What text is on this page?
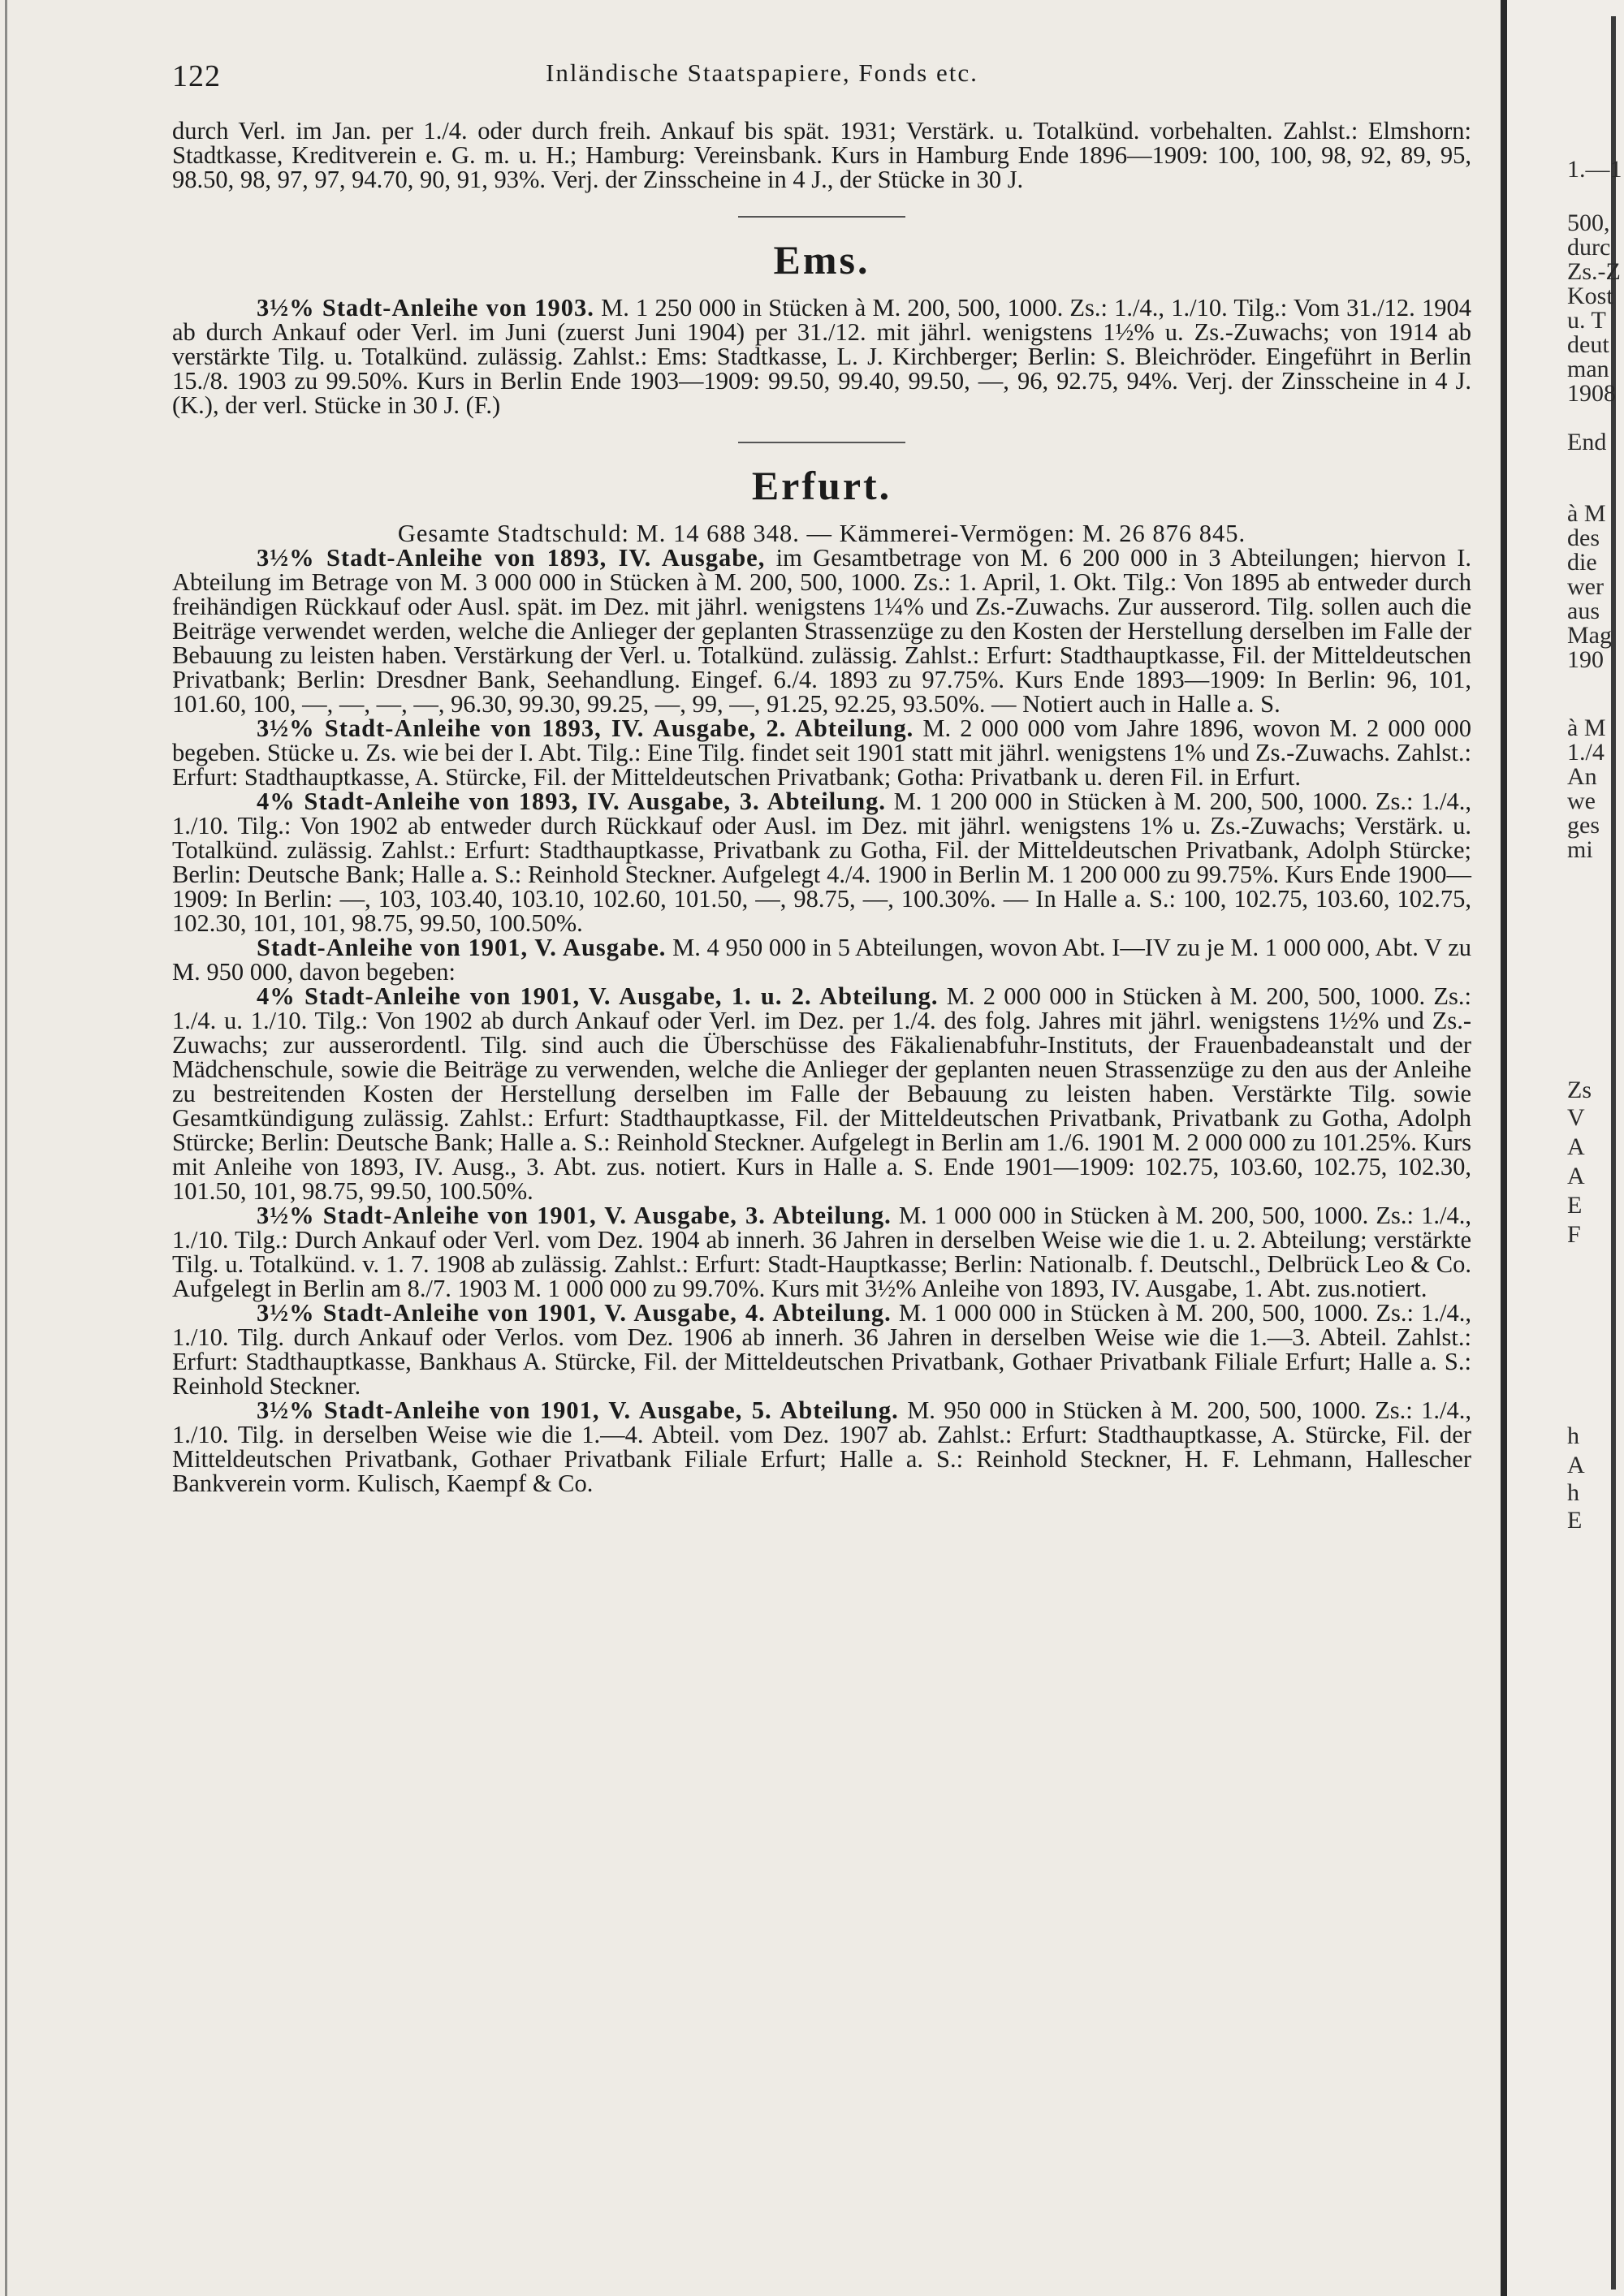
122	Inländische Staatspapiere, Fonds etc.

durch Verl. im Jan. per 1./4. oder durch freih. Ankauf bis spät. 1931; Verstärk. u. Totalkünd. vorbehalten. Zahlst.: Elmshorn: Stadtkasse, Kreditverein e. G. m. u. H.; Hamburg: Vereinsbank. Kurs in Hamburg Ende 1896—1909: 100, 100, 98, 92, 89, 95, 98.50, 98, 97, 97, 94.70, 90, 91, 93%. Verj. der Zinsscheine in 4 J., der Stücke in 30 J.

Ems.

3½% Stadt-Anleihe von 1903. M. 1 250 000 in Stücken à M. 200, 500, 1000. Zs.: 1./4., 1./10. Tilg.: Vom 31./12. 1904 ab durch Ankauf oder Verl. im Juni (zuerst Juni 1904) per 31./12. mit jährl. wenigstens 1½% u. Zs.-Zuwachs; von 1914 ab verstärkte Tilg. u. Totalkünd. zulässig. Zahlst.: Ems: Stadtkasse, L. J. Kirchberger; Berlin: S. Bleichröder. Eingeführt in Berlin 15./8. 1903 zu 99.50%. Kurs in Berlin Ende 1903—1909: 99.50, 99.40, 99.50, —, 96, 92.75, 94%. Verj. der Zinsscheine in 4 J. (K.), der verl. Stücke in 30 J. (F.)

Erfurt.

Gesamte Stadtschuld: M. 14 688 348. — Kämmerei-Vermögen: M. 26 876 845.

3½% Stadt-Anleihe von 1893, IV. Ausgabe, im Gesamtbetrage von M. 6 200 000 in 3 Abteilungen; hiervon I. Abteilung im Betrage von M. 3 000 000 in Stücken à M. 200, 500, 1000. Zs.: 1. April, 1. Okt. Tilg.: Von 1895 ab entweder durch freihändigen Rückkauf oder Ausl. spät. im Dez. mit jährl. wenigstens 1¼% und Zs.-Zuwachs. Zur ausserord. Tilg. sollen auch die Beiträge verwendet werden, welche die Anlieger der geplanten Strassenzüge zu den Kosten der Herstellung derselben im Falle der Bebauung zu leisten haben. Verstärkung der Verl. u. Totalkünd. zulässig. Zahlst.: Erfurt: Stadthauptkasse, Fil. der Mitteldeutschen Privatbank; Berlin: Dresdner Bank, Seehandlung. Eingef. 6./4. 1893 zu 97.75%. Kurs Ende 1893—1909: In Berlin: 96, 101, 101.60, 100, —, —, —, —, 96.30, 99.30, 99.25, —, 99, —, 91.25, 92.25, 93.50%. — Notiert auch in Halle a. S.

3½% Stadt-Anleihe von 1893, IV. Ausgabe, 2. Abteilung. M. 2 000 000 vom Jahre 1896, wovon M. 2 000 000 begeben. Stücke u. Zs. wie bei der I. Abt. Tilg.: Eine Tilg. findet seit 1901 statt mit jährl. wenigstens 1% und Zs.-Zuwachs. Zahlst.: Erfurt: Stadthauptkasse, A. Stürcke, Fil. der Mitteldeutschen Privatbank; Gotha: Privatbank u. deren Fil. in Erfurt.

4% Stadt-Anleihe von 1893, IV. Ausgabe, 3. Abteilung. M. 1 200 000 in Stücken à M. 200, 500, 1000. Zs.: 1./4., 1./10. Tilg.: Von 1902 ab entweder durch Rückkauf oder Ausl. im Dez. mit jährl. wenigstens 1% u. Zs.-Zuwachs; Verstärk. u. Totalkünd. zulässig. Zahlst.: Erfurt: Stadthauptkasse, Privatbank zu Gotha, Fil. der Mitteldeutschen Privatbank, Adolph Stürcke; Berlin: Deutsche Bank; Halle a. S.: Reinhold Steckner. Aufgelegt 4./4. 1900 in Berlin M. 1 200 000 zu 99.75%. Kurs Ende 1900—1909: In Berlin: —, 103, 103.40, 103.10, 102.60, 101.50, —, 98.75, —, 100.30%. — In Halle a. S.: 100, 102.75, 103.60, 102.75, 102.30, 101, 101, 98.75, 99.50, 100.50%.

Stadt-Anleihe von 1901, V. Ausgabe. M. 4 950 000 in 5 Abteilungen, wovon Abt. I—IV zu je M. 1 000 000, Abt. V zu M. 950 000, davon begeben:

4% Stadt-Anleihe von 1901, V. Ausgabe, 1. u. 2. Abteilung. M. 2 000 000 in Stücken à M. 200, 500, 1000. Zs.: 1./4. u. 1./10. Tilg.: Von 1902 ab durch Ankauf oder Verl. im Dez. per 1./4. des folg. Jahres mit jährl. wenigstens 1½% und Zs.-Zuwachs; zur ausserordentl. Tilg. sind auch die Überschüsse des Fäkalienabfuhr-Instituts, der Frauenbadeanstalt und der Mädchenschule, sowie die Beiträge zu verwenden, welche die Anlieger der geplanten neuen Strassenzüge zu den aus der Anleihe zu bestreitenden Kosten der Herstellung derselben im Falle der Bebauung zu leisten haben. Verstärkte Tilg. sowie Gesamtkündigung zulässig. Zahlst.: Erfurt: Stadthauptkasse, Fil. der Mitteldeutschen Privatbank, Privatbank zu Gotha, Adolph Stürcke; Berlin: Deutsche Bank; Halle a. S.: Reinhold Steckner. Aufgelegt in Berlin am 1./6. 1901 M. 2 000 000 zu 101.25%. Kurs mit Anleihe von 1893, IV. Ausg., 3. Abt. zus. notiert. Kurs in Halle a. S. Ende 1901—1909: 102.75, 103.60, 102.75, 102.30, 101.50, 101, 98.75, 99.50, 100.50%.

3½% Stadt-Anleihe von 1901, V. Ausgabe, 3. Abteilung. M. 1 000 000 in Stücken à M. 200, 500, 1000. Zs.: 1./4., 1./10. Tilg.: Durch Ankauf oder Verl. vom Dez. 1904 ab innerh. 36 Jahren in derselben Weise wie die 1. u. 2. Abteilung; verstärkte Tilg. u. Totalkünd. v. 1. 7. 1908 ab zulässig. Zahlst.: Erfurt: Stadt-Hauptkasse; Berlin: Nationalb. f. Deutschl., Delbrück Leo & Co. Aufgelegt in Berlin am 8./7. 1903 M. 1 000 000 zu 99.70%. Kurs mit 3½% Anleihe von 1893, IV. Ausgabe, 1. Abt. zus.notiert.

3½% Stadt-Anleihe von 1901, V. Ausgabe, 4. Abteilung. M. 1 000 000 in Stücken à M. 200, 500, 1000. Zs.: 1./4., 1./10. Tilg. durch Ankauf oder Verlos. vom Dez. 1906 ab innerh. 36 Jahren in derselben Weise wie die 1.—3. Abteil. Zahlst.: Erfurt: Stadthauptkasse, Bankhaus A. Stürcke, Fil. der Mitteldeutschen Privatbank, Gothaer Privatbank Filiale Erfurt; Halle a. S.: Reinhold Steckner.

3½% Stadt-Anleihe von 1901, V. Ausgabe, 5. Abteilung. M. 950 000 in Stücken à M. 200, 500, 1000. Zs.: 1./4., 1./10. Tilg. in derselben Weise wie die 1.—4. Abteil. vom Dez. 1907 ab. Zahlst.: Erfurt: Stadthauptkasse, A. Stürcke, Fil. der Mitteldeutschen Privatbank, Gothaer Privatbank Filiale Erfurt; Halle a. S.: Reinhold Steckner, H. F. Lehmann, Hallescher Bankverein vorm. Kulisch, Kaempf & Co.

1.—1
500,
durc
Zs.-Z
Kost
u. T
deut
man
1908
End
à M
des
die
wer
aus
Mag
190
à M
1./4
An
we
ges
mi
Zs
V
A
A
E
F
h
A
h
E
